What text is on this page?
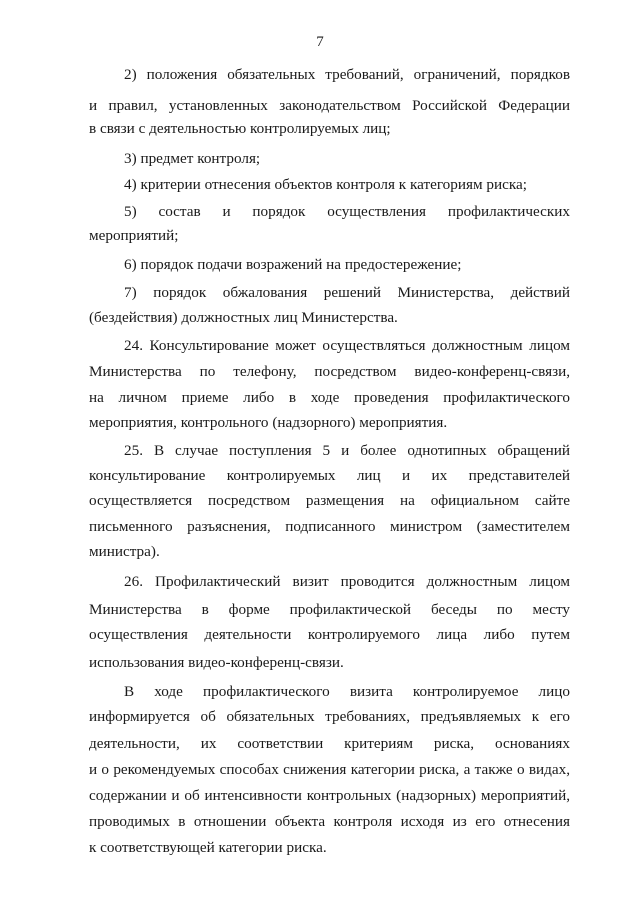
7
2) положения обязательных требований, ограничений, порядков
и правил, установленных законодательством Российской Федерации
в связи с деятельностью контролируемых лиц;
3) предмет контроля;
4) критерии отнесения объектов контроля к категориям риска;
5) состав и порядок осуществления профилактических
мероприятий;
6) порядок подачи возражений на предостережение;
7) порядок обжалования решений Министерства, действий
(бездействия) должностных лиц Министерства.
24. Консультирование может осуществляться должностным лицом
Министерства по телефону, посредством видео-конференц-связи,
на личном приеме либо в ходе проведения профилактического
мероприятия, контрольного (надзорного) мероприятия.
25. В случае поступления 5 и более однотипных обращений
консультирование контролируемых лиц и их представителей
осуществляется посредством размещения на официальном сайте
письменного разъяснения, подписанного министром (заместителем
министра).
26. Профилактический визит проводится должностным лицом
Министерства в форме профилактической беседы по месту
осуществления деятельности контролируемого лица либо путем
использования видео-конференц-связи.
В ходе профилактического визита контролируемое лицо
информируется об обязательных требованиях, предъявляемых к его
деятельности, их соответствии критериям риска, основаниях
и о рекомендуемых способах снижения категории риска, а также о видах,
содержании и об интенсивности контрольных (надзорных) мероприятий,
проводимых в отношении объекта контроля исходя из его отнесения
к соответствующей категории риска.
